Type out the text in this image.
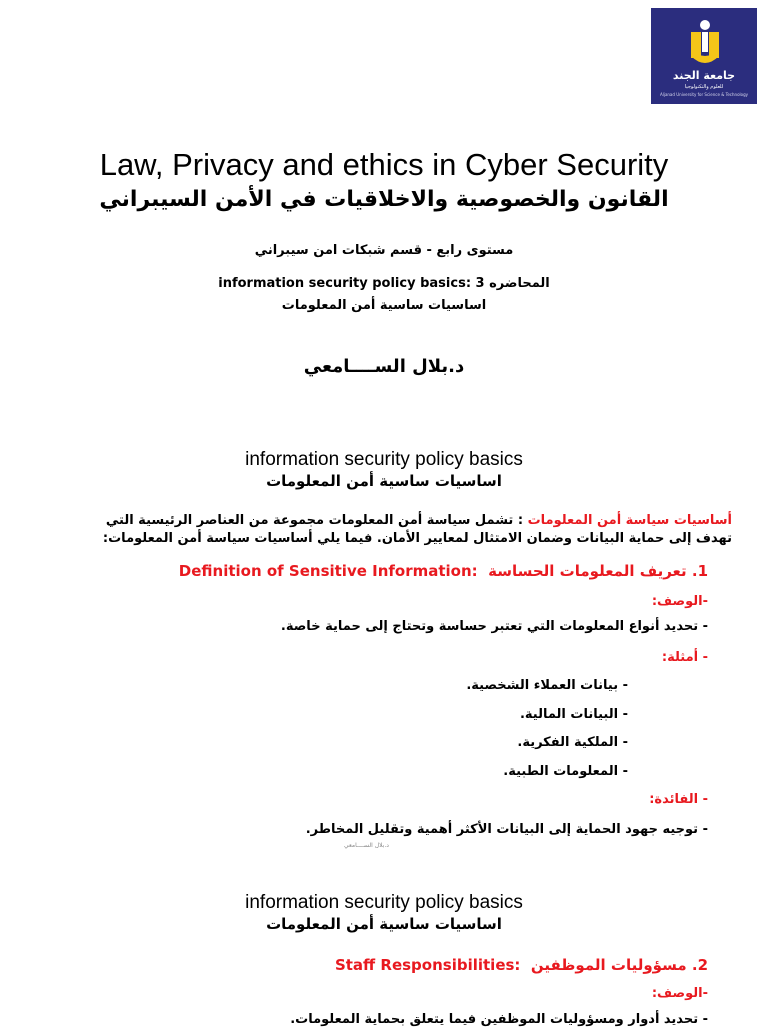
جامعة الجند
للعلوم والتكنولوجيا
Aljanad University for Science & Technology
Law, Privacy and ethics in Cyber Security
القانون والخصوصية والاخلاقيات في الأمن السيبراني
مستوى رابع - قسم شبكات امن سيبراني
المحاضره 3 :information security policy basics
اساسيات ساسية أمن المعلومات
د.بلال الســــامعي
information security policy basics
اساسيات ساسية أمن المعلومات
أساسيات سياسة أمن المعلومات : تشمل سياسة أمن المعلومات مجموعة من العناصر الرئيسية التي
تهدف إلى حماية البيانات وضمان الامتثال لمعايير الأمان. فيما يلي أساسيات سياسة أمن المعلومات:
1. تعريف المعلومات الحساسة  Definition of Sensitive Information:
-الوصف:
- تحديد أنواع المعلومات التي تعتبر حساسة وتحتاج إلى حماية خاصة.
- أمثلة:
- بيانات العملاء الشخصية.
- البيانات المالية.
- الملكية الفكرية.
- المعلومات الطبية.
- الفائدة:
- توجيه جهود الحماية إلى البيانات الأكثر أهمية وتقليل المخاطر.
د.بلال الســــامعي
information security policy basics
اساسيات ساسية أمن المعلومات
2. مسؤوليات الموظفين  Staff Responsibilities:
-الوصف:
- تحديد أدوار ومسؤوليات الموظفين فيما يتعلق بحماية المعلومات.
